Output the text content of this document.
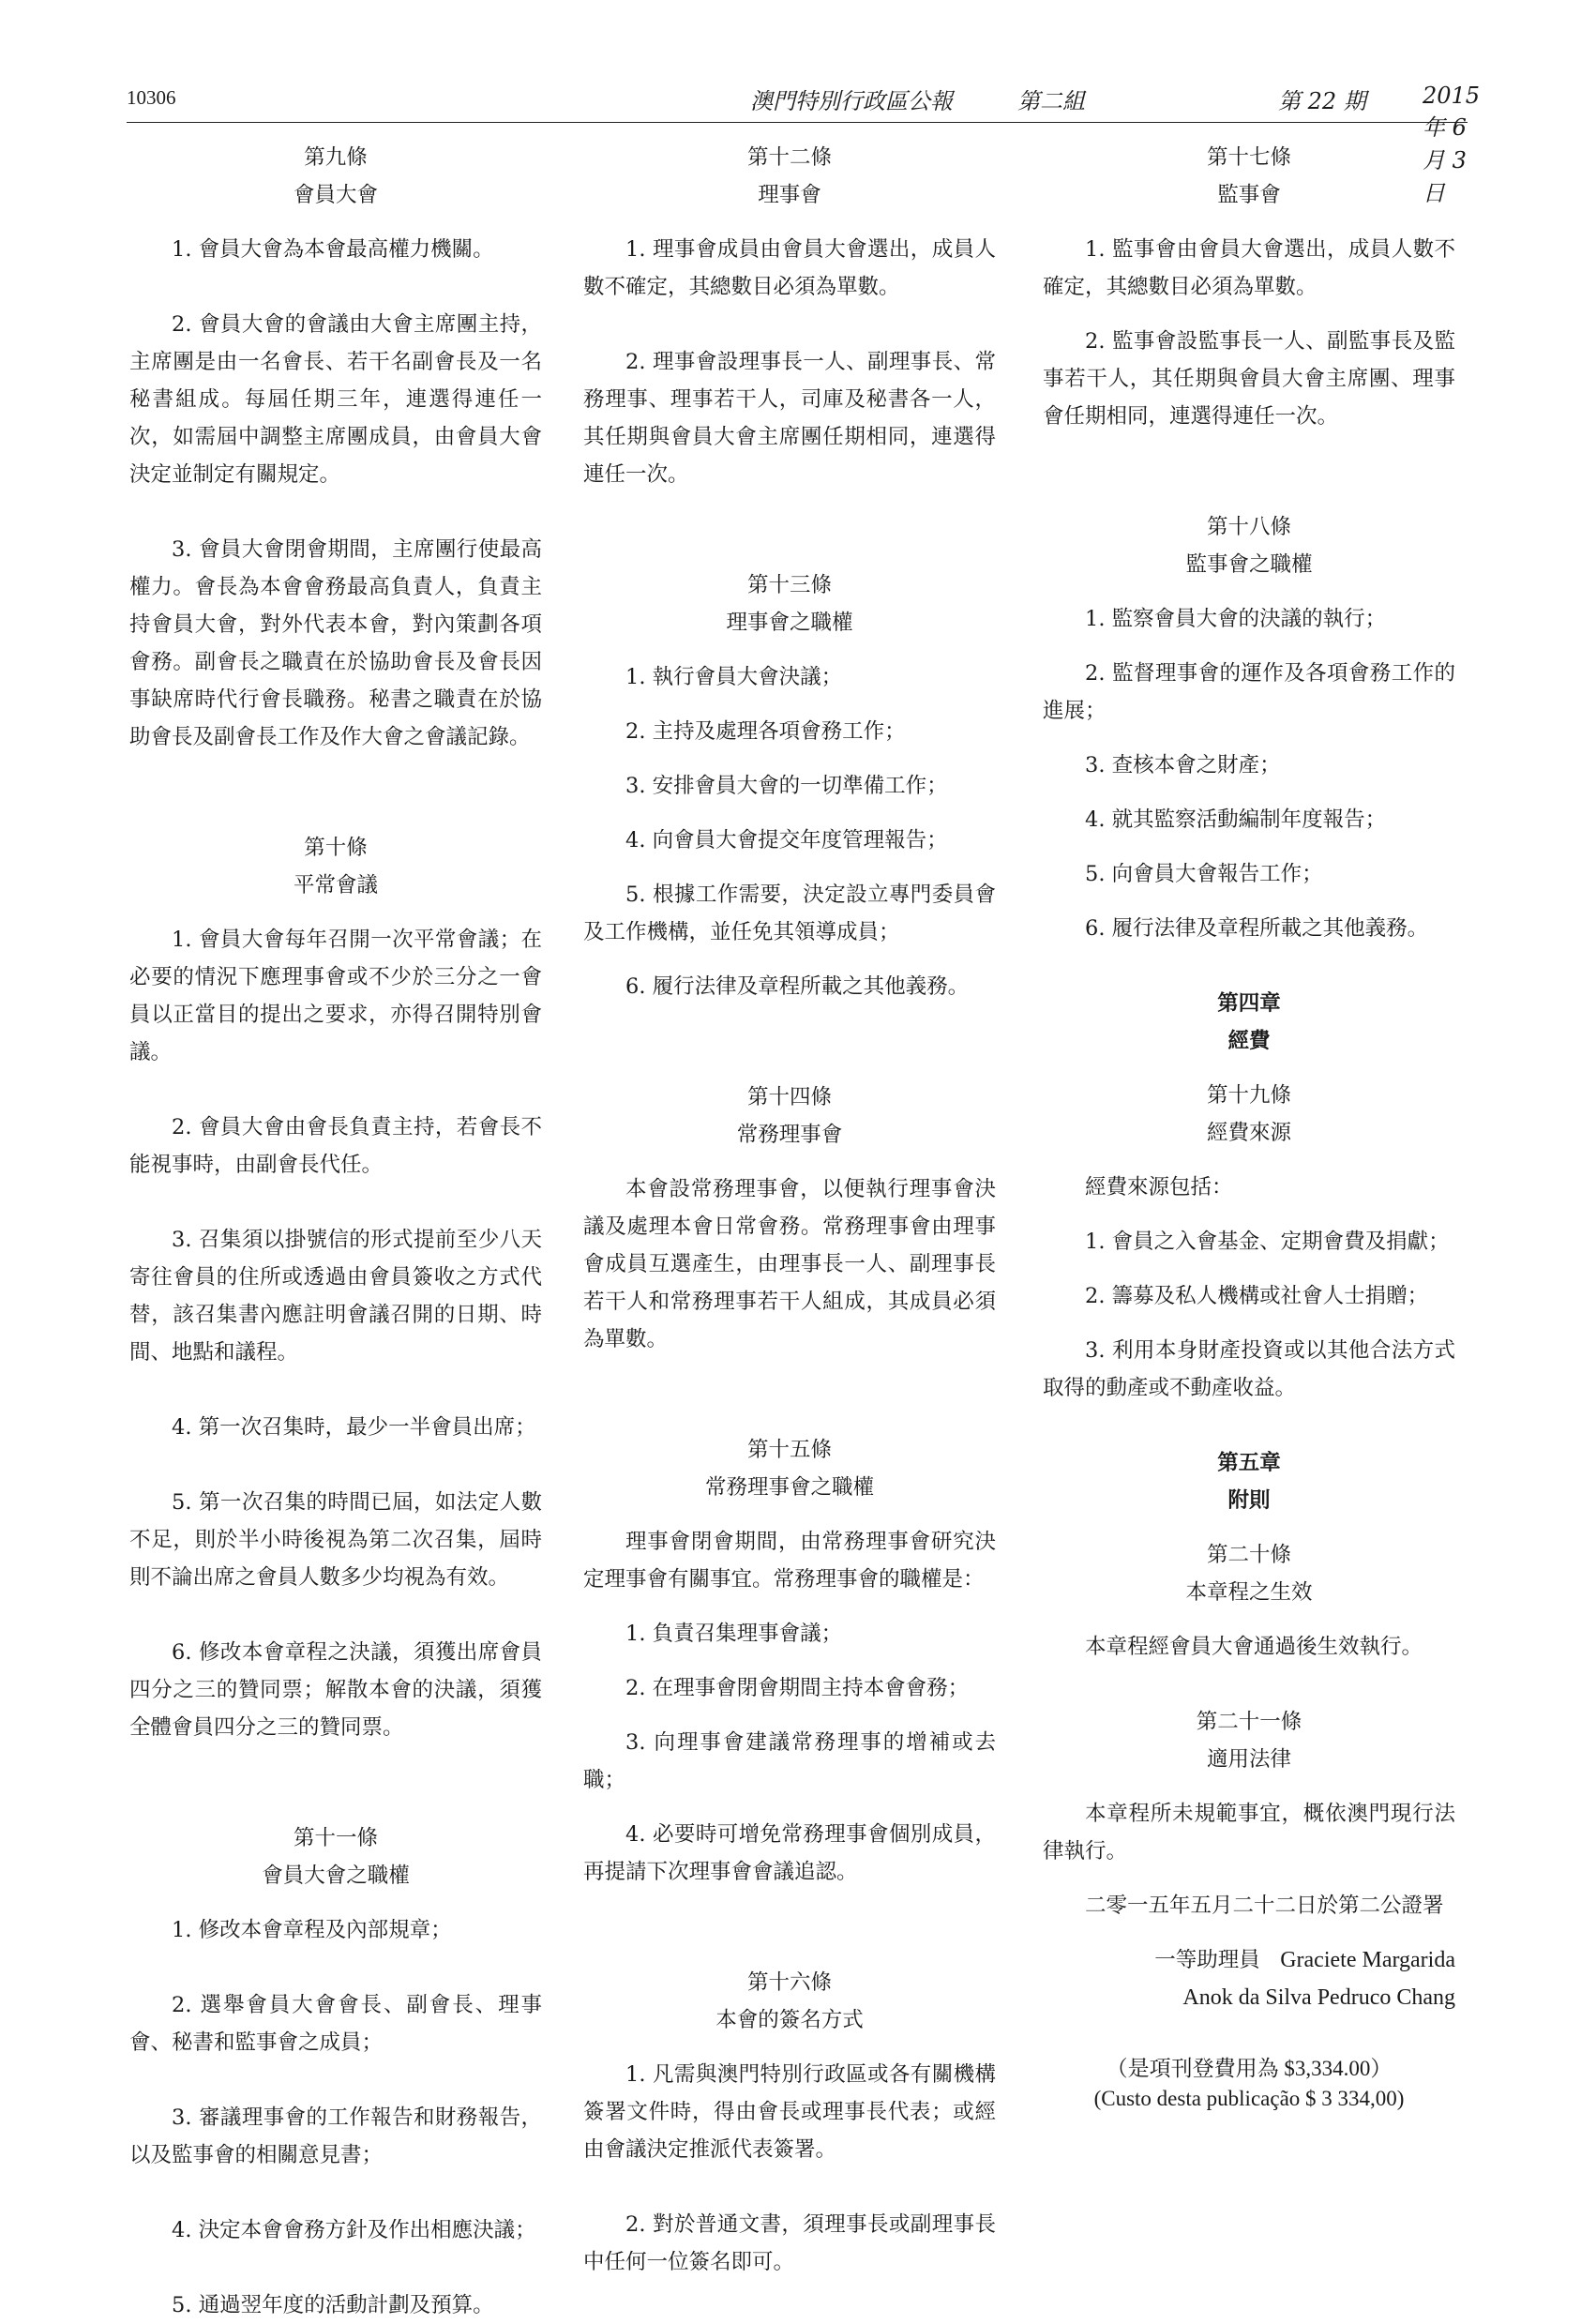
10306	澳門特別行政區公報	第二組	第 22 期	2015 年 6月 3 日

第九條

會員大會

1. 會員大會為本會最高權力機關。

2. 會員大會的會議由大會主席團主持，主席團是由一名會長、若干名副會長及一名秘書組成。每屆任期三年，連選得連任一次，如需屆中調整主席團成員，由會員大會決定並制定有關規定。

3. 會員大會閉會期間，主席團行使最高權力。會長為本會會務最高負責人，負責主持會員大會，對外代表本會，對內策劃各項會務。副會長之職責在於協助會長及會長因事缺席時代行會長職務。秘書之職責在於協助會長及副會長工作及作大會之會議記錄。

第十條

平常會議

1. 會員大會每年召開一次平常會議；在必要的情況下應理事會或不少於三分之一會員以正當目的提出之要求，亦得召開特別會議。

2. 會員大會由會長負責主持，若會長不能視事時，由副會長代任。

3. 召集須以掛號信的形式提前至少八天寄往會員的住所或透過由會員簽收之方式代替，該召集書內應註明會議召開的日期、時間、地點和議程。

4. 第一次召集時，最少一半會員出席；

5. 第一次召集的時間已屆，如法定人數不足，則於半小時後視為第二次召集，屆時則不論出席之會員人數多少均視為有效。

6. 修改本會章程之決議，須獲出席會員四分之三的贊同票；解散本會的決議，須獲全體會員四分之三的贊同票。

第十一條

會員大會之職權

1. 修改本會章程及內部規章；

2. 選舉會員大會會長、副會長、理事會、秘書和監事會之成員；

3. 審議理事會的工作報告和財務報告，以及監事會的相關意見書；

4. 決定本會會務方針及作出相應決議；

5. 通過翌年度的活動計劃及預算。

第十二條

理事會

1. 理事會成員由會員大會選出，成員人數不確定，其總數目必須為單數。

2. 理事會設理事長一人、副理事長、常務理事、理事若干人，司庫及秘書各一人，其任期與會員大會主席團任期相同，連選得連任一次。

第十三條

理事會之職權

1. 執行會員大會決議；

2. 主持及處理各項會務工作；

3. 安排會員大會的一切準備工作；

4. 向會員大會提交年度管理報告；

5. 根據工作需要，決定設立專門委員會及工作機構，並任免其領導成員；

6. 履行法律及章程所載之其他義務。

第十四條

常務理事會

本會設常務理事會，以便執行理事會決議及處理本會日常會務。常務理事會由理事會成員互選產生，由理事長一人、副理事長若干人和常務理事若干人組成，其成員必須為單數。

第十五條

常務理事會之職權

理事會閉會期間，由常務理事會研究決定理事會有關事宜。常務理事會的職權是：

1. 負責召集理事會議；

2. 在理事會閉會期間主持本會會務；

3. 向理事會建議常務理事的增補或去職；

4. 必要時可增免常務理事會個別成員，再提請下次理事會會議追認。

第十六條

本會的簽名方式

1. 凡需與澳門特別行政區或各有關機構簽署文件時，得由會長或理事長代表；或經由會議決定推派代表簽署。

2. 對於普通文書，須理事長或副理事長中任何一位簽名即可。

第十七條

監事會

1. 監事會由會員大會選出，成員人數不確定，其總數目必須為單數。

2. 監事會設監事長一人、副監事長及監事若干人，其任期與會員大會主席團、理事會任期相同，連選得連任一次。

第十八條

監事會之職權

1. 監察會員大會的決議的執行；

2. 監督理事會的運作及各項會務工作的進展；

3. 查核本會之財產；

4. 就其監察活動編制年度報告；

5. 向會員大會報告工作；

6. 履行法律及章程所載之其他義務。

第四章

經費

第十九條

經費來源

經費來源包括：

1. 會員之入會基金、定期會費及捐獻；

2. 籌募及私人機構或社會人士捐贈；

3. 利用本身財產投資或以其他合法方式取得的動產或不動產收益。

第五章

附則

第二十條

本章程之生效

本章程經會員大會通過後生效執行。

第二十一條

適用法律

本章程所未規範事宜，概依澳門現行法律執行。

二零一五年五月二十二日於第二公證署

一等助理員 Graciete Margarida

Anok da Silva Pedruco Chang

（是項刊登費用為 $3,334.00）

(Custo desta publicação $ 3 334,00)
